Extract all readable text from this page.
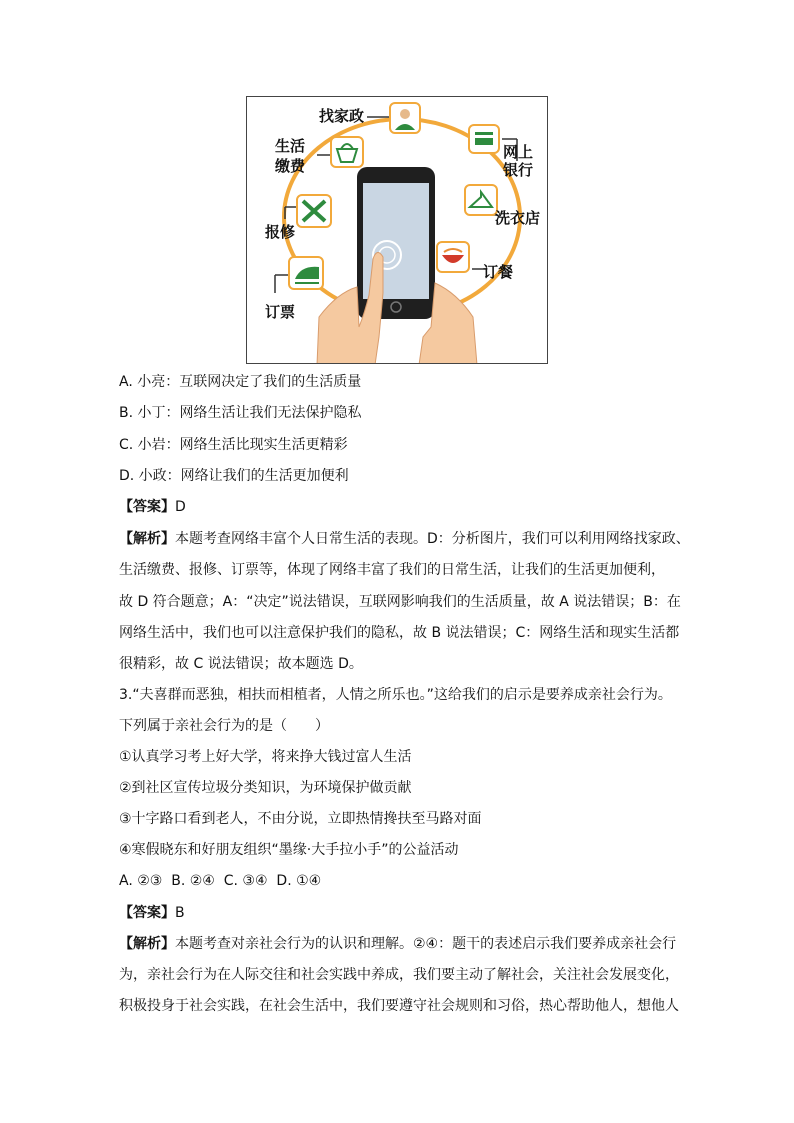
找家政
生活
缴费
网上
银行
洗衣店
报修
订餐
订票
A. 小亮：互联网决定了我们的生活质量
B. 小丁：网络生活让我们无法保护隐私
C. 小岩：网络生活比现实生活更精彩
D. 小政：网络让我们的生活更加便利
【答案】D
【解析】本题考查网络丰富个人日常生活的表现。D：分析图片，我们可以利用网络找家政、
生活缴费、报修、订票等，体现了网络丰富了我们的日常生活，让我们的生活更加便利，
故 D 符合题意；A：“决定”说法错误，互联网影响我们的生活质量，故 A 说法错误；B：在
网络生活中，我们也可以注意保护我们的隐私，故 B 说法错误；C：网络生活和现实生活都
很精彩，故 C 说法错误；故本题选 D。
3.“夫喜群而恶独，相扶而相植者，人情之所乐也。”这给我们的启示是要养成亲社会行为。
下列属于亲社会行为的是（　　）
①认真学习考上好大学，将来挣大钱过富人生活
②到社区宣传垃圾分类知识，为环境保护做贡献
③十字路口看到老人，不由分说，立即热情搀扶至马路对面
④寒假晓东和好朋友组织“墨缘·大手拉小手”的公益活动
A. ②③  B. ②④  C. ③④  D. ①④
【答案】B
【解析】本题考查对亲社会行为的认识和理解。②④：题干的表述启示我们要养成亲社会行
为，亲社会行为在人际交往和社会实践中养成，我们要主动了解社会，关注社会发展变化，
积极投身于社会实践，在社会生活中，我们要遵守社会规则和习俗，热心帮助他人，想他人
